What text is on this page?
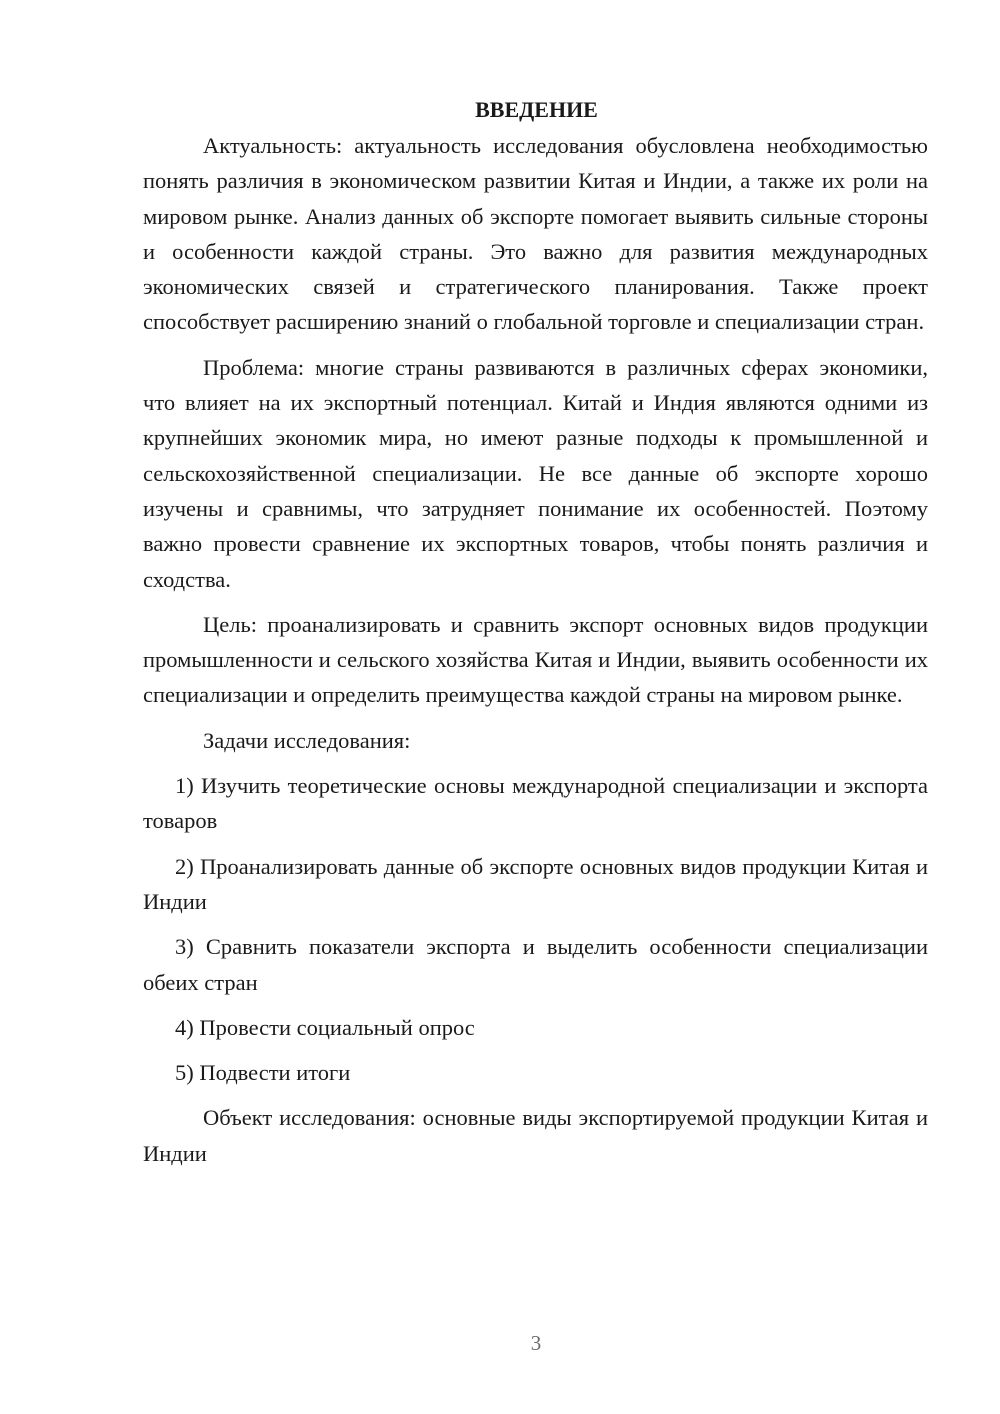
ВВЕДЕНИЕ

Актуальность: актуальность исследования обусловлена необходимостью понять различия в экономическом развитии Китая и Индии, а также их роли на мировом рынке. Анализ данных об экспорте помогает выявить сильные стороны и особенности каждой страны. Это важно для развития международных экономических связей и стратегического планирования. Также проект способствует расширению знаний о глобальной торговле и специализации стран.

Проблема: многие страны развиваются в различных сферах экономики, что влияет на их экспортный потенциал. Китай и Индия являются одними из крупнейших экономик мира, но имеют разные подходы к промышленной и сельскохозяйственной специализации. Не все данные об экспорте хорошо изучены и сравнимы, что затрудняет понимание их особенностей. Поэтому важно провести сравнение их экспортных товаров, чтобы понять различия и сходства.

Цель: проанализировать и сравнить экспорт основных видов продукции промышленности и сельского хозяйства Китая и Индии, выявить особенности их специализации и определить преимущества каждой страны на мировом рынке.

Задачи исследования:

1) Изучить теоретические основы международной специализации и экспорта товаров

2) Проанализировать данные об экспорте основных видов продукции Китая и Индии

3) Сравнить показатели экспорта и выделить особенности специализации обеих стран

4) Провести социальный опрос

5) Подвести итоги

Объект исследования: основные виды экспортируемой продукции Китая и Индии

3
